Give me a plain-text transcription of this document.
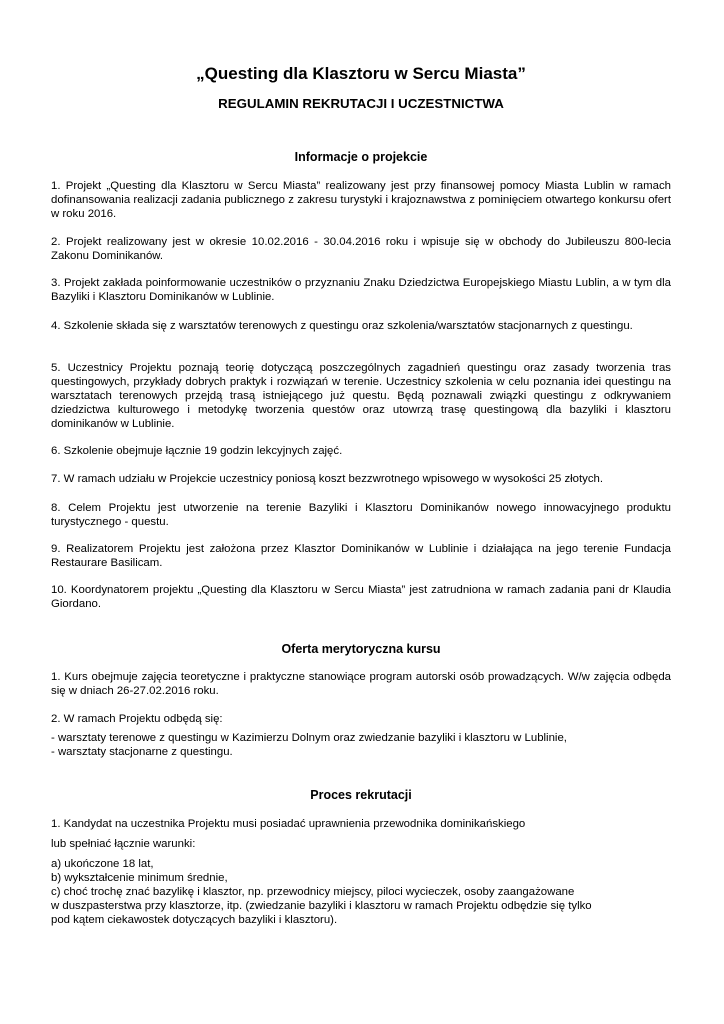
„Questing dla Klasztoru w Sercu Miasta”
REGULAMIN REKRUTACJI I UCZESTNICTWA
Informacje o projekcie

1. Projekt „Questing dla Klasztoru w Sercu Miasta” realizowany jest przy finansowej pomocy Miasta Lublin w ramach dofinansowania realizacji zadania publicznego z zakresu turystyki i krajoznawstwa z pominięciem otwartego konkursu ofert w roku 2016.

2. Projekt realizowany jest w okresie 10.02.2016 - 30.04.2016 roku i wpisuje się w obchody do Jubileuszu 800-lecia Zakonu Dominikanów.

3. Projekt zakłada poinformowanie uczestników o przyznaniu Znaku Dziedzictwa Europejskiego Miastu Lublin, a w tym dla Bazyliki i Klasztoru Dominikanów w Lublinie.

4. Szkolenie składa się z warsztatów terenowych z questingu oraz szkolenia/warsztatów stacjonarnych z questingu.

5. Uczestnicy Projektu poznają teorię dotyczącą poszczególnych zagadnień questingu oraz zasady tworzenia tras questingowych, przykłady dobrych praktyk i rozwiązań w terenie. Uczestnicy szkolenia w celu poznania idei questingu na warsztatach terenowych przejdą trasą istniejącego już questu. Będą poznawali związki questingu z odkrywaniem dziedzictwa kulturowego i metodykę tworzenia questów oraz utowrzą trasę questingową dla bazyliki i klasztoru dominikanów w Lublinie.

6. Szkolenie obejmuje łącznie 19 godzin lekcyjnych zajęć.

7. W ramach udziału w Projekcie uczestnicy poniosą koszt bezzwrotnego wpisowego w wysokości 25 złotych.

8. Celem Projektu jest utworzenie na terenie Bazyliki i Klasztoru Dominikanów nowego innowacyjnego produktu turystycznego - questu.

9. Realizatorem Projektu jest założona przez Klasztor Dominikanów w Lublinie i działająca na jego terenie Fundacja Restaurare Basilicam.

10. Koordynatorem projektu „Questing dla Klasztoru w Sercu Miasta” jest zatrudniona w ramach zadania pani dr Klaudia Giordano.

Oferta merytoryczna kursu

1. Kurs obejmuje zajęcia teoretyczne i praktyczne stanowiące program autorski osób prowadzących. W/w zajęcia odbęda się w dniach 26-27.02.2016 roku.

2. W ramach Projektu odbędą się:

- warsztaty terenowe z questingu w Kazimierzu Dolnym oraz zwiedzanie bazyliki i klasztoru w Lublinie,
- warsztaty stacjonarne z questingu.

Proces rekrutacji

1. Kandydat na uczestnika Projektu musi posiadać uprawnienia przewodnika dominikańskiego

lub spełniać łącznie warunki:

a) ukończone 18 lat,
b) wykształcenie minimum średnie,
c) choć trochę znać bazylikę i klasztor, np. przewodnicy miejscy, piloci wycieczek, osoby zaangażowane
w duszpasterstwa przy klasztorze, itp. (zwiedzanie bazyliki i klasztoru w ramach Projektu odbędzie się tylko
pod kątem ciekawostek dotyczących bazyliki i klasztoru).
